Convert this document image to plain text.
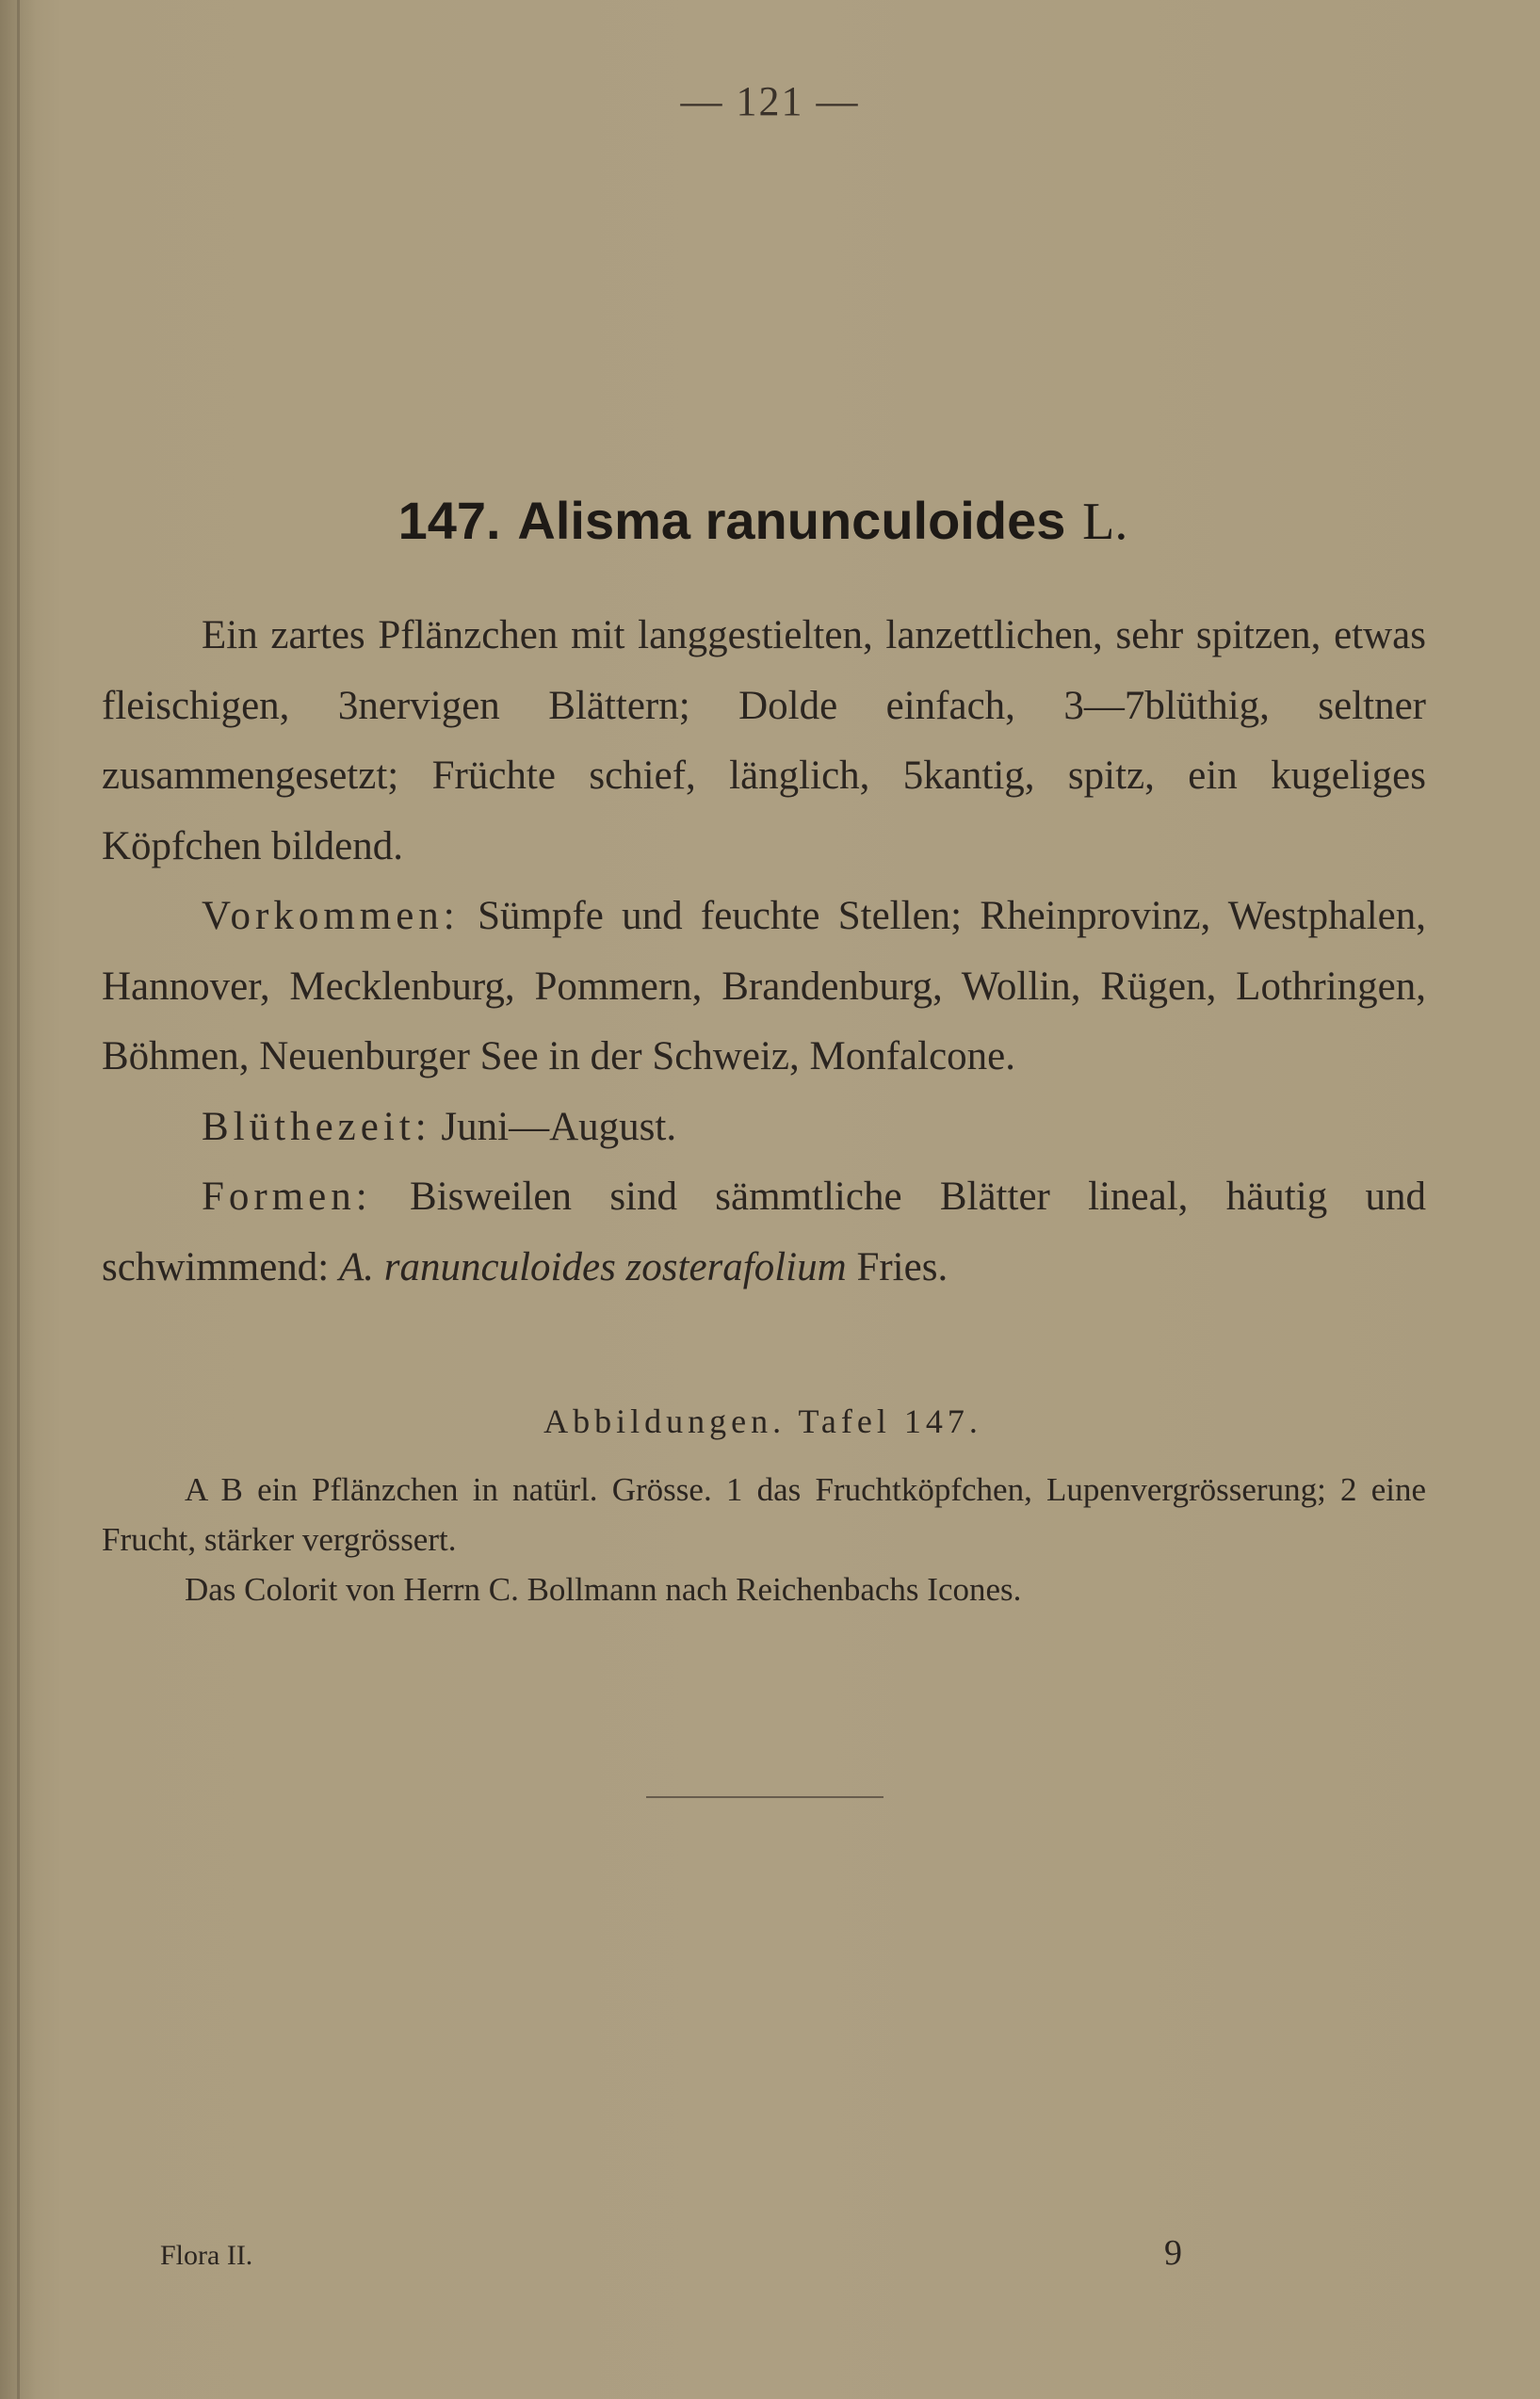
— 121 —
147. Alisma ranunculoides L.

Ein zartes Pflänzchen mit langgestielten, lanzettlichen, sehr spitzen, etwas fleischigen, 3nervigen Blättern; Dolde einfach, 3—7blüthig, seltner zusammengesetzt; Früchte schief, länglich, 5kantig, spitz, ein kugeliges Köpfchen bildend.

Vorkommen: Sümpfe und feuchte Stellen; Rheinprovinz, Westphalen, Hannover, Mecklenburg, Pommern, Brandenburg, Wollin, Rügen, Lothringen, Böhmen, Neuenburger See in der Schweiz, Monfalcone.

Blüthezeit: Juni—August.

Formen: Bisweilen sind sämmtliche Blätter lineal, häutig und schwimmend: A. ranunculoides zosterafolium Fries.

Abbildungen. Tafel 147.

A B ein Pflänzchen in natürl. Grösse. 1 das Fruchtköpfchen, Lupenvergrösserung; 2 eine Frucht, stärker vergrössert.

Das Colorit von Herrn C. Bollmann nach Reichenbachs Icones.

Flora II.	9
